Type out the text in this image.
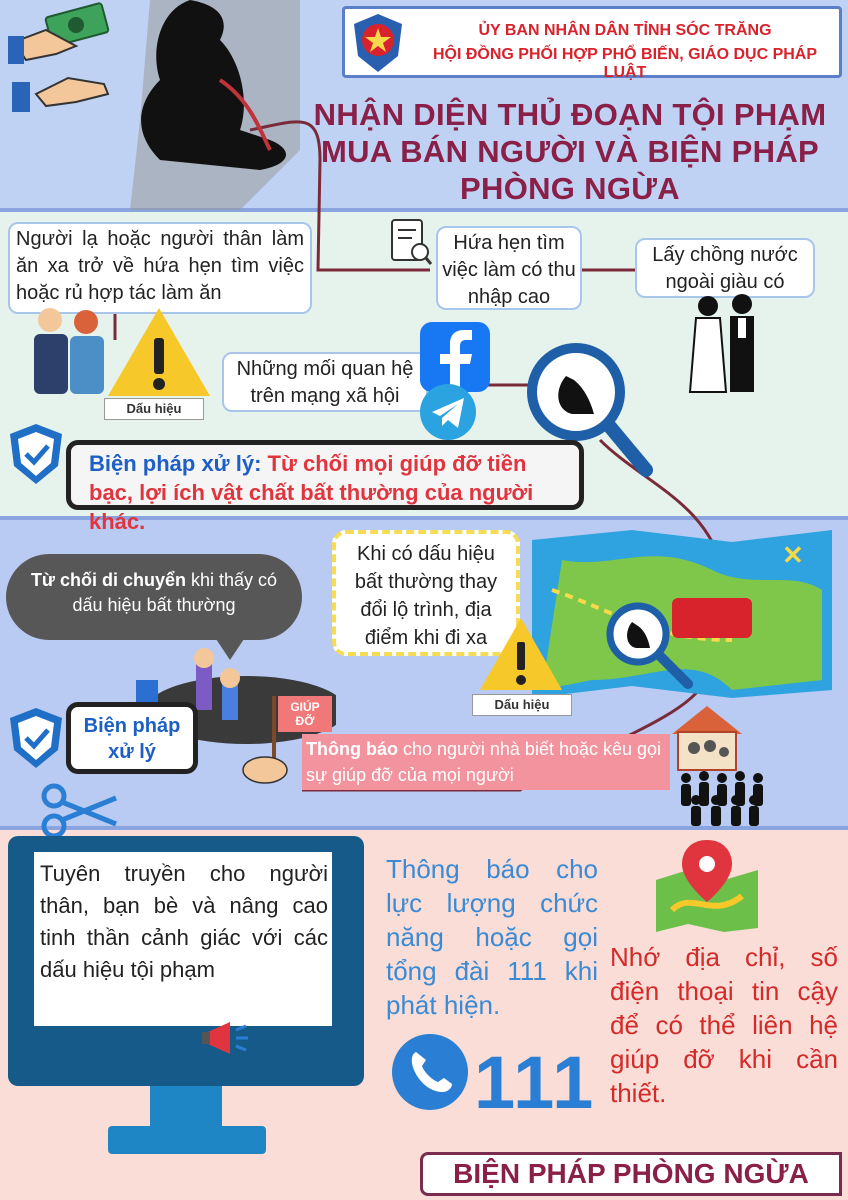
ỦY BAN NHÂN DÂN TỈNH SÓC TRĂNG
HỘI ĐỒNG PHỐI HỢP PHỔ BIẾN, GIÁO DỤC PHÁP LUẬT
NHẬN DIỆN THỦ ĐOẠN TỘI PHẠM
MUA BÁN NGƯỜI VÀ BIỆN PHÁP
PHÒNG NGỪA
Người lạ hoặc người thân làm ăn xa trở về hứa hẹn tìm việc hoặc rủ hợp tác làm ăn
Hứa hẹn tìm việc làm có thu nhập cao
Lấy chồng nước ngoài giàu có
Dấu hiệu
Những mối quan hệ trên mạng xã hội
Biện pháp xử lý: Từ chối mọi giúp đỡ tiền bạc, lợi ích vật chất bất thường của người khác.
Từ chối di chuyển khi thấy có dấu hiệu bất thường
GIÚP ĐỠ
Khi có dấu hiệu bất thường thay đổi lộ trình, địa điểm khi đi xa
✕
Dấu hiệu
Biện pháp xử lý	Thông báo cho người nhà biết hoặc kêu gọi sự giúp đỡ của mọi người
Tuyên truyền cho người thân, bạn bè và nâng cao tinh thần cảnh giác với các dấu hiệu tội phạm
Thông báo cho lực lượng chức năng hoặc gọi tổng đài 111 khi phát hiện.
111
Nhớ địa chỉ, số điện thoại tin cậy để có thể liên hệ giúp đỡ khi cần thiết.
BIỆN PHÁP PHÒNG NGỪA
